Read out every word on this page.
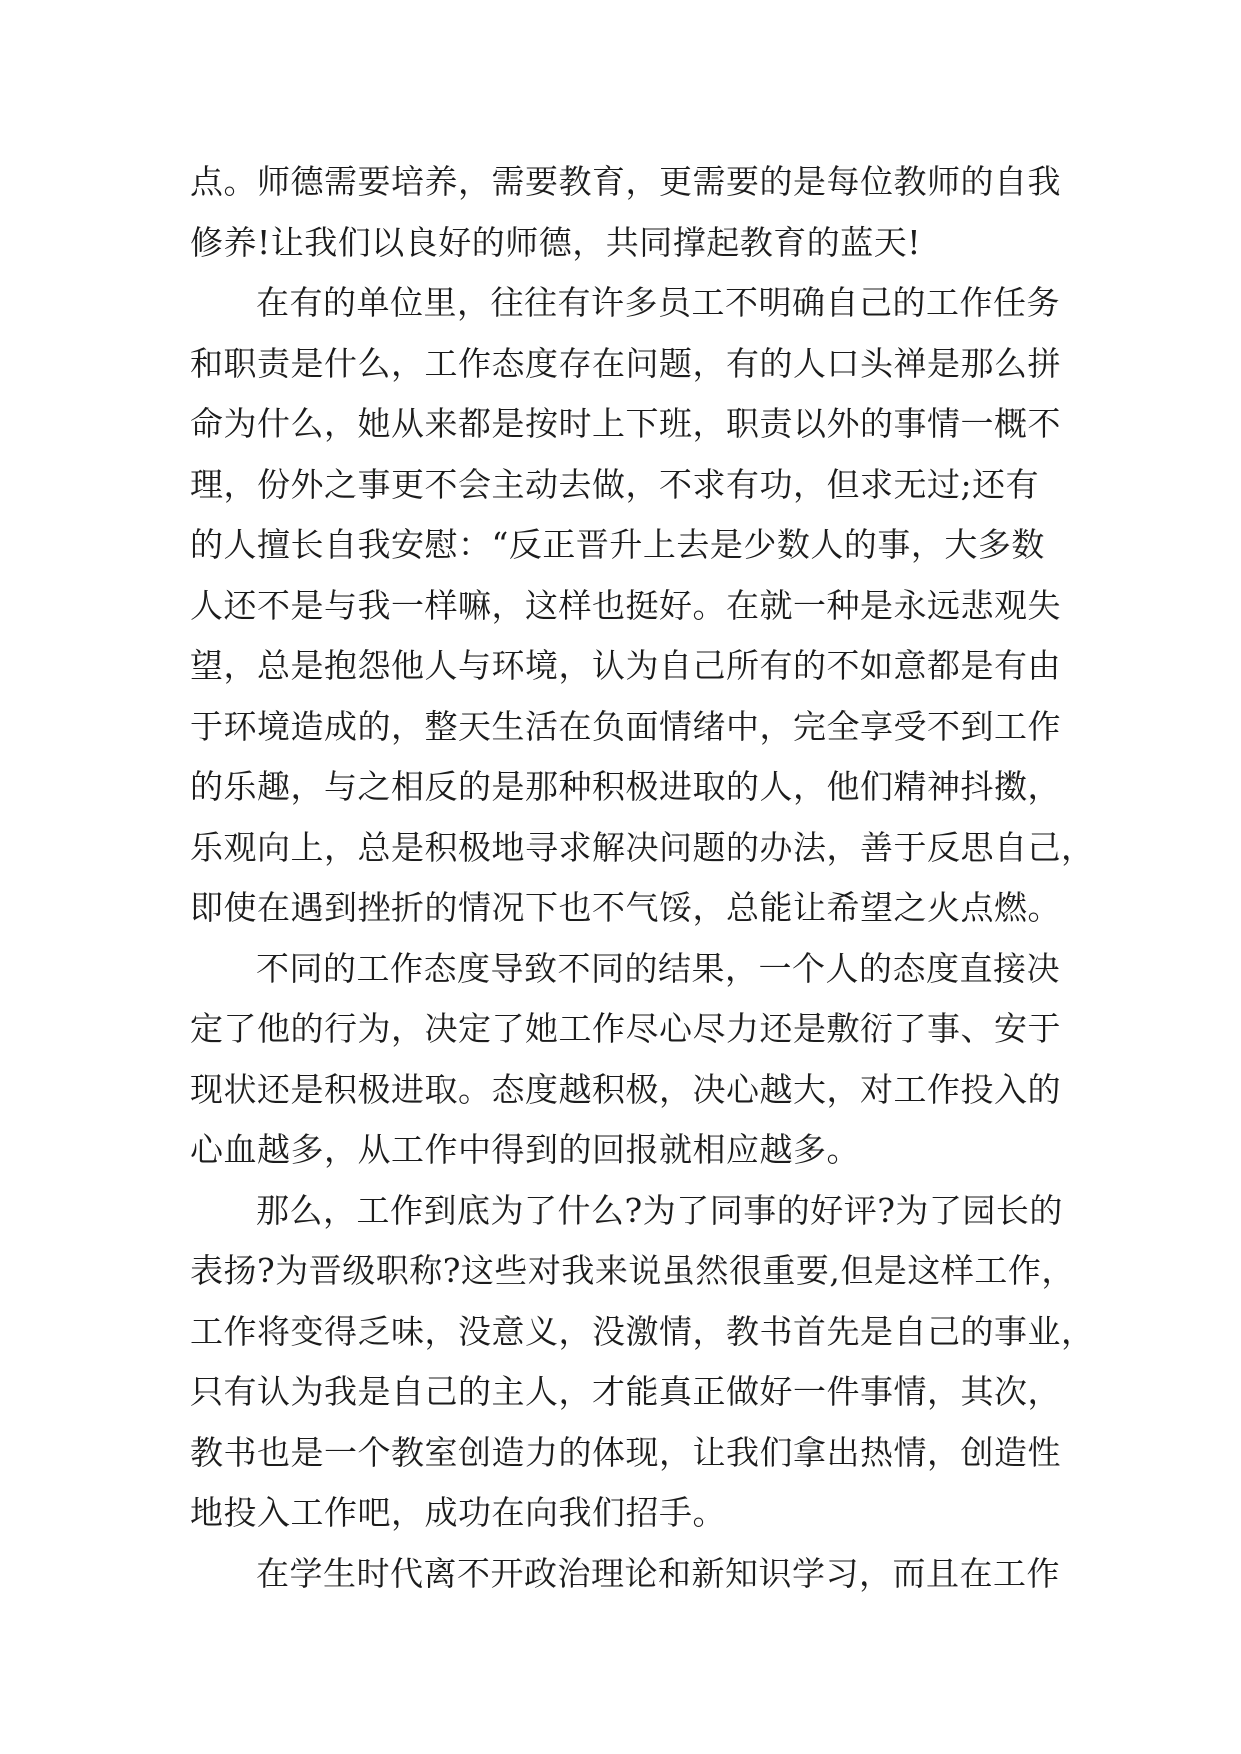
点。师德需要培养，需要教育，更需要的是每位教师的自我
修养!让我们以良好的师德，共同撑起教育的蓝天!
在有的单位里，往往有许多员工不明确自己的工作任务
和职责是什么，工作态度存在问题，有的人口头禅是那么拼
命为什么，她从来都是按时上下班，职责以外的事情一概不
理，份外之事更不会主动去做，不求有功，但求无过;还有
的人擅长自我安慰：“反正晋升上去是少数人的事，大多数
人还不是与我一样嘛，这样也挺好。在就一种是永远悲观失
望，总是抱怨他人与环境，认为自己所有的不如意都是有由
于环境造成的，整天生活在负面情绪中，完全享受不到工作
的乐趣，与之相反的是那种积极进取的人，他们精神抖擞，
乐观向上，总是积极地寻求解决问题的办法，善于反思自己，
即使在遇到挫折的情况下也不气馁，总能让希望之火点燃。
不同的工作态度导致不同的结果，一个人的态度直接决
定了他的行为，决定了她工作尽心尽力还是敷衍了事、安于
现状还是积极进取。态度越积极，决心越大，对工作投入的
心血越多，从工作中得到的回报就相应越多。
那么，工作到底为了什么?为了同事的好评?为了园长的
表扬?为晋级职称?这些对我来说虽然很重要,但是这样工作，
工作将变得乏味，没意义，没激情，教书首先是自己的事业，
只有认为我是自己的主人，才能真正做好一件事情，其次，
教书也是一个教室创造力的体现，让我们拿出热情，创造性
地投入工作吧，成功在向我们招手。
在学生时代离不开政治理论和新知识学习，而且在工作
